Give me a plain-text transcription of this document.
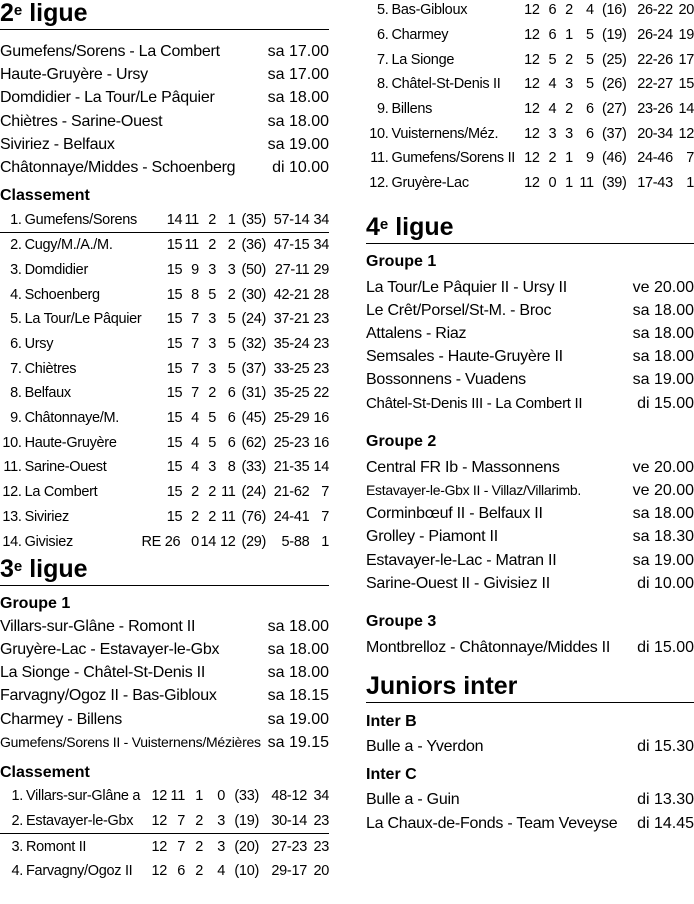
2e ligue
Gumefens/Sorens - La Combert	sa 17.00
Haute-Gruyère - Ursy	sa 17.00
Domdidier - La Tour/Le Pâquier	sa 18.00
Chiètres - Sarine-Ouest	sa 18.00
Siviriez - Belfaux	sa 19.00
Châtonnaye/Middes - Schoenberg di 10.00
Classement
1.	Gumefens/Sorens	14	11	2	1	(35)	57-14	34
2.	Cugy/M./A./M.	15	11	2	2	(36)	47-15	34
3.	Domdidier	15	9	3	3	(50)	27-11	29
4.	Schoenberg	15	8	5	2	(30)	42-21	28
5.	La Tour/Le Pâquier	15	7	3	5	(24)	37-21	23
6.	Ursy	15	7	3	5	(32)	35-24	23
7.	Chiètres	15	7	3	5	(37)	33-25	23
8.	Belfaux	15	7	2	6	(31)	35-25	22
9.	Châtonnaye/M.	15	4	5	6	(45)	25-29	16
10.	Haute-Gruyère	15	4	5	6	(62)	25-23	16
11.	Sarine-Ouest	15	4	3	8	(33)	21-35	14
12.	La Combert	15	2	2	11	(24)	21-62	7
13.	Siviriez	15	2	2	11	(76)	24-41	7
14.	Givisiez	RE 26	0	14	12	(29)	5-88	1
3e ligue
Groupe 1
Villars-sur-Glâne - Romont II	sa 18.00
Gruyère-Lac - Estavayer-le-Gbx	sa 18.00
La Sionge - Châtel-St-Denis II	sa 18.00
Farvagny/Ogoz II - Bas-Gibloux	sa 18.15
Charmey - Billens	sa 19.00
Gumefens/Sorens II - Vuisternens/Mézières sa 19.15
Classement
1.	Villars-sur-Glâne a	12	11	1	0	(33)	48-12	34
2.	Estavayer-le-Gbx	12	7	2	3	(19)	30-14	23
3.	Romont II	12	7	2	3	(20)	27-23	23
4.	Farvagny/Ogoz II	12	6	2	4	(10)	29-17	20
5.	Bas-Gibloux	12	6	2	4	(16)	26-22	20
6.	Charmey	12	6	1	5	(19)	26-24	19
7.	La Sionge	12	5	2	5	(25)	22-26	17
8.	Châtel-St-Denis II	12	4	3	5	(26)	22-27	15
9.	Billens	12	4	2	6	(27)	23-26	14
10.	Vuisternens/Méz.	12	3	3	6	(37)	20-34	12
11.	Gumefens/Sorens II	12	2	1	9	(46)	24-46	7
12.	Gruyère-Lac	12	0	1	11	(39)	17-43	1
4e ligue
Groupe 1
La Tour/Le Pâquier II - Ursy II	ve 20.00
Le Crêt/Porsel/St-M. - Broc	sa 18.00
Attalens - Riaz	sa 18.00
Semsales - Haute-Gruyère II	sa 18.00
Bossonnens - Vuadens	sa 19.00
Châtel-St-Denis III - La Combert II	di 15.00
Groupe 2
Central FR Ib - Massonnens	ve 20.00
Estavayer-le-Gbx II - Villaz/Villarimb.	ve 20.00
Corminbœuf II - Belfaux II	sa 18.00
Grolley - Piamont II	sa 18.30
Estavayer-le-Lac - Matran II	sa 19.00
Sarine-Ouest II - Givisiez II	di 10.00
Groupe 3
Montbrelloz - Châtonnaye/Middes II di 15.00
Juniors inter
Inter B
Bulle a - Yverdon	di 15.30
Inter C
Bulle a - Guin	di 13.30
La Chaux-de-Fonds - Team Veveyse di 14.45
